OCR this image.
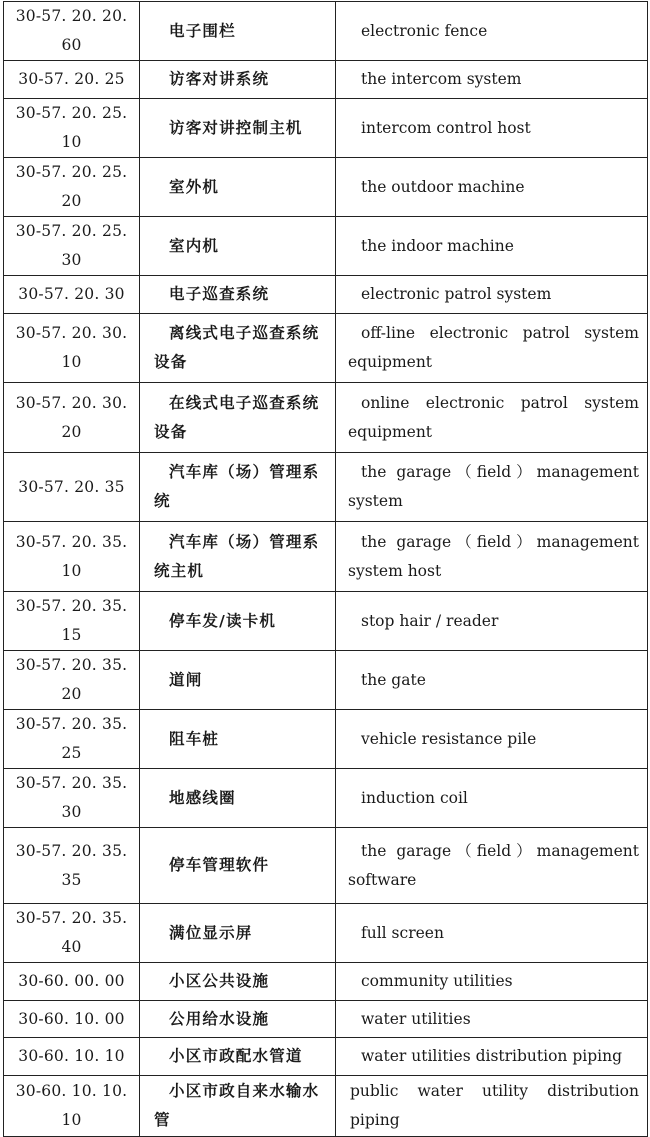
30-57. 20. 20. 60	电子围栏	electronic fence
30-57. 20. 25	访客对讲系统	the intercom system
30-57. 20. 25. 10	访客对讲控制主机	intercom control host
30-57. 20. 25. 20	室外机	the outdoor machine
30-57. 20. 25. 30	室内机	the indoor machine
30-57. 20. 30	电子巡查系统	electronic patrol system
30-57. 20. 30. 10	离线式电子巡查系统设备	off-line electronic patrol system equipment
30-57. 20. 30. 20	在线式电子巡查系统设备	online electronic patrol system equipment
30-57. 20. 35	汽车库（场）管理系统	the garage（field）management system
30-57. 20. 35. 10	汽车库（场）管理系统主机	the garage（field）management system host
30-57. 20. 35. 15	停车发/读卡机	stop hair / reader
30-57. 20. 35. 20	道闸	the gate
30-57. 20. 35. 25	阻车桩	vehicle resistance pile
30-57. 20. 35. 30	地感线圈	induction coil
30-57. 20. 35. 35	停车管理软件	the garage（field）management software
30-57. 20. 35. 40	满位显示屏	full screen
30-60. 00. 00	小区公共设施	community utilities
30-60. 10. 00	公用给水设施	water utilities
30-60. 10. 10	小区市政配水管道	water utilities distribution piping
30-60. 10. 10. 10	小区市政自来水输水管	public water utility distribution piping
